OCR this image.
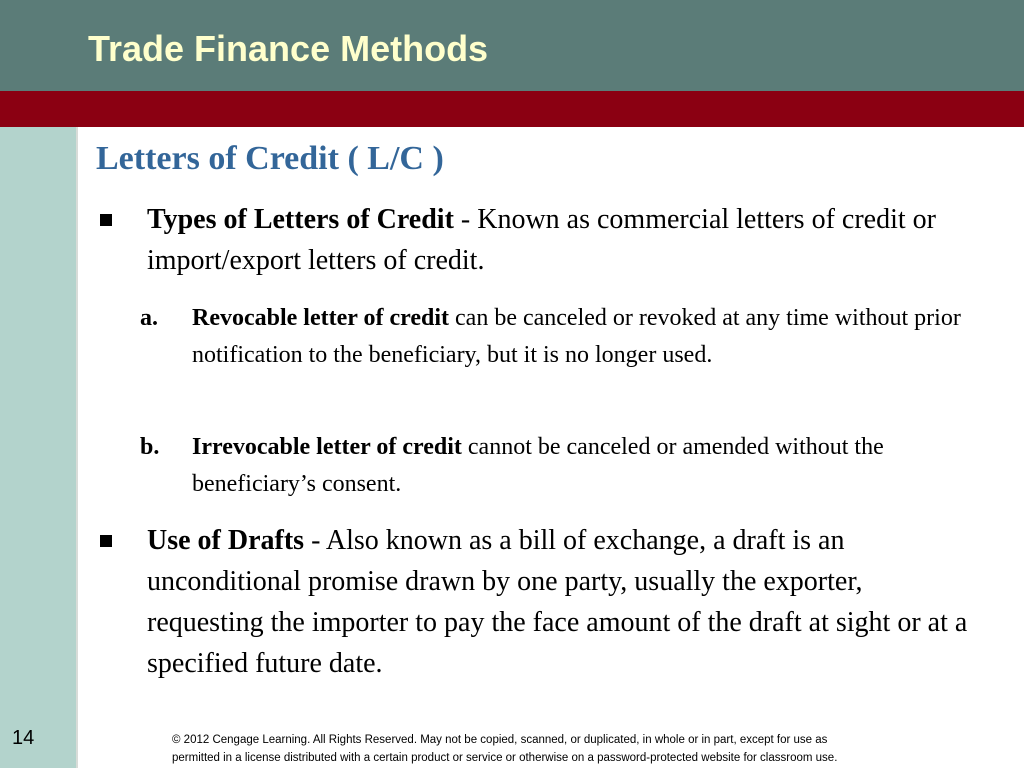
Trade Finance Methods
14
Letters of Credit ( L/C )

Types of Letters of Credit - Known as commercial letters of credit or import/export letters of credit.

a. Revocable letter of credit can be canceled or revoked at any time without prior notification to the beneficiary, but it is no longer used.

b. Irrevocable letter of credit cannot be canceled or amended without the beneficiary’s consent.

Use of Drafts - Also known as a bill of exchange, a draft is an unconditional promise drawn by one party, usually the exporter, requesting the importer to pay the face amount of the draft at sight or at a specified future date.

© 2012 Cengage Learning. All Rights Reserved. May not be copied, scanned, or duplicated, in whole or in part, except for use as
permitted in a license distributed with a certain product or service or otherwise on a password-protected website for classroom use.
